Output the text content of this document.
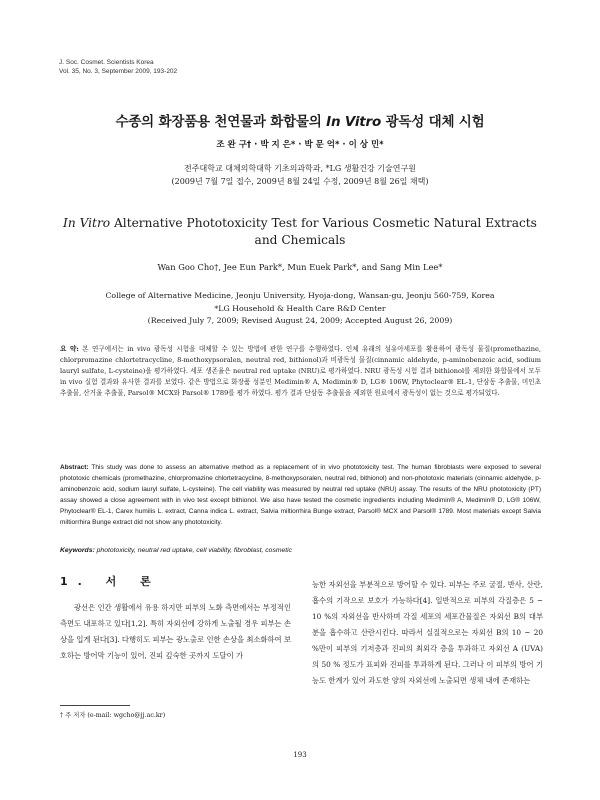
J. Soc. Cosmet. Scientists Korea
Vol. 35, No. 3, September 2009, 193-202
수종의 화장품용 천연물과 화합물의 In Vitro 광독성 대체 시험
조 완 구† · 박 지 은* · 박 문 억* · 이 상 민*
전주대학교 대체의학대학 기초의과학과, *LG 생활건강 기술연구원
(2009년 7월 7일 접수, 2009년 8월 24일 수정, 2009년 8월 26일 채택)
In Vitro Alternative Phototoxicity Test for Various Cosmetic Natural Extracts and Chemicals
Wan Goo Cho†, Jee Eun Park*, Mun Euek Park*, and Sang Min Lee*
College of Alternative Medicine, Jeonju University, Hyoja-dong, Wansan-gu, Jeonju 560-759, Korea
*LG Household & Health Care R&D Center
(Received July 7, 2009; Revised August 24, 2009; Accepted August 26, 2009)
요 약: 본 연구에서는 in vivo 광독성 시험을 대체할 수 있는 방법에 관한 연구를 수행하였다. 인체 유래의 섬유아세포를 활용하여 광독성 물질(promethazine, chlorpromazine chlortetracycline, 8-methoxypsoralen, neutral red, bithionol)과 비광독성 물질(cinnamic aldehyde, p-aminobenzoic acid, sodium lauryl sulfate, L-cysteine)을 평가하였다. 세포 생존율은 neutral red uptake (NRU)로 평가하였다. NRU 광독성 시험 결과 bithionol를 제외한 화합물에서 모두 in vivo 실험 결과와 유사한 결과를 보였다. 같은 방법으로 화장품 성분인 Medimin® A, Medimin® D, LG® 106W, Phytoclear® EL-1, 단삼동 추출물, 미인초 추출물, 산거울 추출물, Parsol® MCX와 Parsol® 1789를 평가 하였다. 평가 결과 단삼동 추출물을 제외한 원료에서 광독성이 없는 것으로 평가되었다.
Abstract: This study was done to assess an alternative method as a replacement of in vivo phototoxicity test. The human fibroblasts were exposed to several phototoxic chemicals (promethazine, chlorpromazine chlortetracycline, 8-methoxypsoralen, neutral red, bithionol) and non-phototoxic materials (cinnamic aldehyde, p-aminobenzoic acid, sodium lauryl sulfate, L-cysteine). The cell viability was measured by neutral red uptake (NRU) assay. The results of the NRU phototoxicity (PT) assay showed a close agreement with in vivo test except bithionol. We also have tested the cosmetic ingredients including Medimin® A, Medimin® D, LG® 106W, Phytoclear® EL-1, Carex humilis L. extract, Canna indica L. extract, Salvia miltiorrhira Bunge extract, Parsol® MCX and Parsol® 1789. Most materials except Salvia miltiorrhira Bunge extract did not show any phototoxicity.
Keywords: phototoxicity, neutral red uptake, cell viability, fibroblast, cosmetic
1. 서 론

광선은 인간 생활에서 유용 하지만 피부의 노화 측면에서는 부정적인 측면도 내포하고 있다[1,2]. 특히 자외선에 강하게 노출될 경우 피부는 손상을 입게 된다[3]. 다행히도 피부는 광노출로 인한 손상을 최소화하여 보호하는 방어막 기능이 있어, 진피 깊숙한 곳까지 도달이 가

능한 자외선을 부분적으로 방어할 수 있다. 피부는 주로 굴절, 반사, 산란, 흡수의 기작으로 보호가 가능하다[4]. 일반적으로 피부의 각질층은 5 ~ 10 %의 자외선을 반사하며 각질 세포의 세포간물질은 자외선 B의 대부분을 흡수하고 산란시킨다. 따라서 실질적으로는 자외선 B의 10 ~ 20 %만이 피부의 기저층과 진피의 최외각 층을 투과하고 자외선 A (UVA)의 50 % 정도가 표피와 진피를 투과하게 된다. 그러나 이 피부의 방어 기능도 한계가 있어 과도한 양의 자외선에 노출되면 생체 내에 존재하는

† 주 저자 (e-mail: wgcho@jj.ac.kr)
193
